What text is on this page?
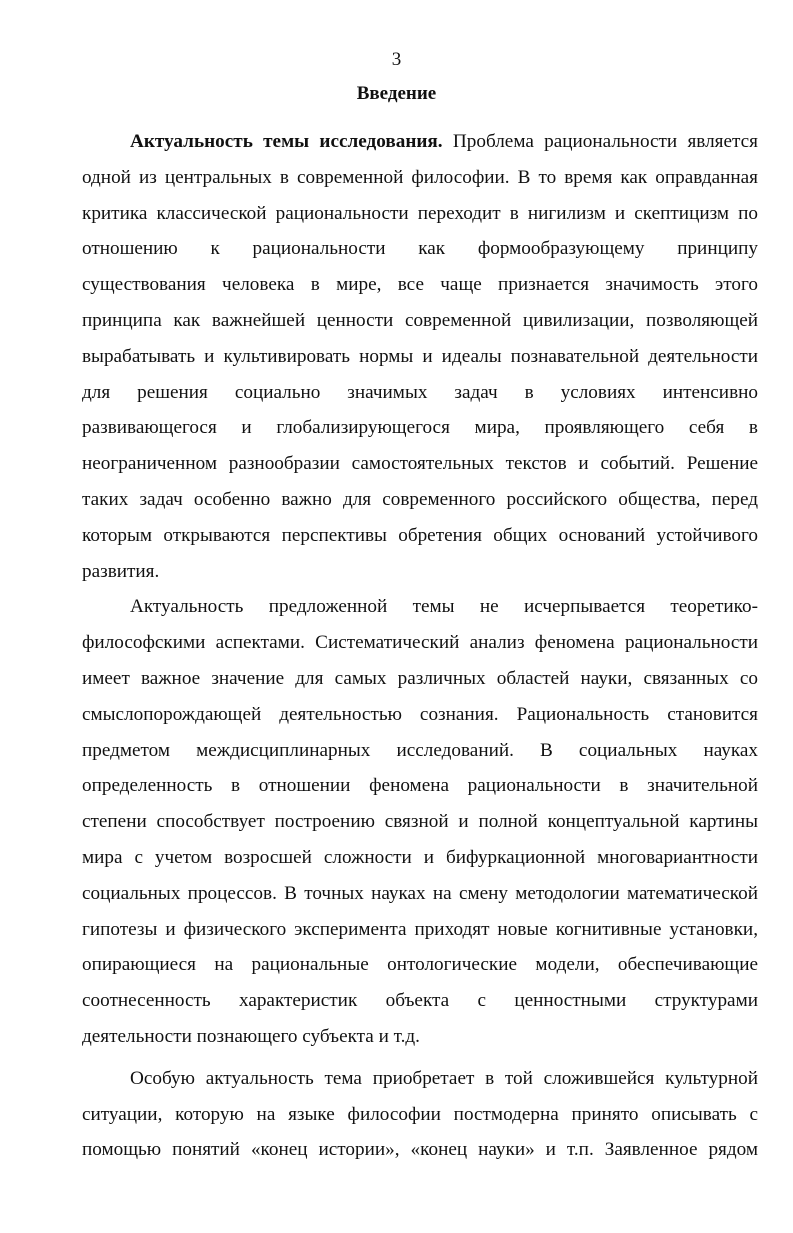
3
Введение

Актуальность темы исследования. Проблема рациональности является
одной из центральных в современной философии. В то время как оправданная
критика классической рациональности переходит в нигилизм и скептицизм по
отношению к рациональности как формообразующему принципу
существования человека в мире, все чаще признается значимость этого
принципа как важнейшей ценности современной цивилизации, позволяющей
вырабатывать и культивировать нормы и идеалы познавательной деятельности
для решения социально значимых задач в условиях интенсивно
развивающегося и глобализирующегося мира, проявляющего себя в
неограниченном разнообразии самостоятельных текстов и событий. Решение
таких задач особенно важно для современного российского общества, перед
которым открываются перспективы обретения общих оснований устойчивого
развития.

Актуальность предложенной темы не исчерпывается теоретико-
философскими аспектами. Систематический анализ феномена рациональности
имеет важное значение для самых различных областей науки, связанных со
смыслопорождающей деятельностью сознания. Рациональность становится
предметом междисциплинарных исследований. В социальных науках
определенность в отношении феномена рациональности в значительной
степени способствует построению связной и полной концептуальной картины
мира с учетом возросшей сложности и бифуркационной многовариантности
социальных процессов. В точных науках на смену методологии математической
гипотезы и физического эксперимента приходят новые когнитивные установки,
опирающиеся на рациональные онтологические модели, обеспечивающие
соотнесенность характеристик объекта с ценностными структурами
деятельности познающего субъекта и т.д.

Особую актуальность тема приобретает в той сложившейся культурной
ситуации, которую на языке философии постмодерна принято описывать с
помощью понятий «конец истории», «конец науки» и т.п. Заявленное рядом
